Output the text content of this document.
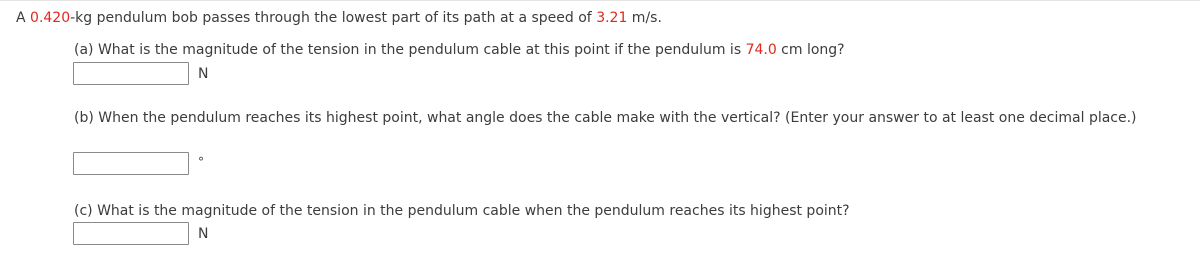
A 0.420-kg pendulum bob passes through the lowest part of its path at a speed of 3.21 m/s.
(a) What is the magnitude of the tension in the pendulum cable at this point if the pendulum is 74.0 cm long?
N
(b) When the pendulum reaches its highest point, what angle does the cable make with the vertical? (Enter your answer to at least one decimal place.)
°
(c) What is the magnitude of the tension in the pendulum cable when the pendulum reaches its highest point?
N
